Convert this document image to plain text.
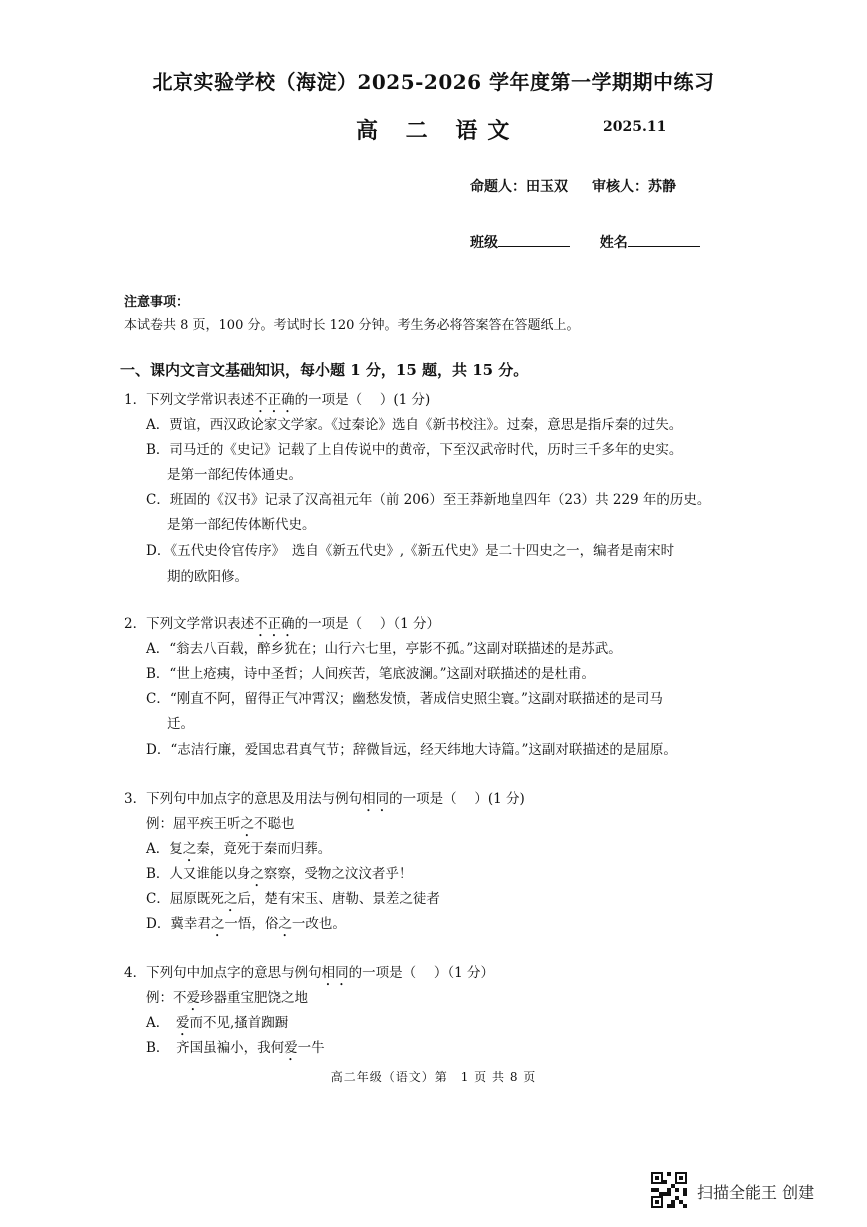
北京实验学校（海淀）2025-2026 学年度第一学期期中练习
高 二 语文	2025.11
命题人：田玉双 审核人：苏静
班级	姓名
注意事项：
本试卷共 8 页，100 分。考试时长 120 分钟。考生务必将答案答在答题纸上。
一、课内文言文基础知识，每小题 1 分，15 题，共 15 分。
1．下列文学常识表述不正确的一项是（　 ）(1 分)
A．贾谊，西汉政论家文学家。《过秦论》选自《新书校注》。过秦，意思是指斥秦的过失。
B．司马迁的《史记》记载了上自传说中的黄帝，下至汉武帝时代，历时三千多年的史实。
是第一部纪传体通史。
C．班固的《汉书》记录了汉高祖元年（前 206）至王莽新地皇四年（23）共 229 年的历史。
是第一部纪传体断代史。
D．《五代史伶官传序》　选自《新五代史》,《新五代史》是二十四史之一，编者是南宋时
期的欧阳修。
2．下列文学常识表述不正确的一项是（　 ）（1 分）
A．“翁去八百载，醉乡犹在；山行六七里，亭影不孤。”这副对联描述的是苏武。
B．“世上疮痍，诗中圣哲；人间疾苦，笔底波澜。”这副对联描述的是杜甫。
C．“刚直不阿，留得正气冲霄汉；幽愁发愤，著成信史照尘寰。”这副对联描述的是司马
迁。
D．“志洁行廉，爱国忠君真气节；辞微旨远，经天纬地大诗篇。”这副对联描述的是屈原。
3．下列句中加点字的意思及用法与例句相同的一项是（　 ）(1 分)
例：屈平疾王听之不聪也
A．复之秦，竟死于秦而归葬。
B．人又谁能以身之察察，受物之汶汶者乎！
C．屈原既死之后，楚有宋玉、唐勒、景差之徒者
D．冀幸君之一悟，俗之一改也。
4．下列句中加点字的意思与例句相同的一项是（　 ）（1 分）
例：不爱珍器重宝肥饶之地
A．　爱而不见,搔首踟蹰
B．　齐国虽褊小，我何爱一牛
高二年级（语文）第　1 页 共 8 页
扫描全能王 创建
